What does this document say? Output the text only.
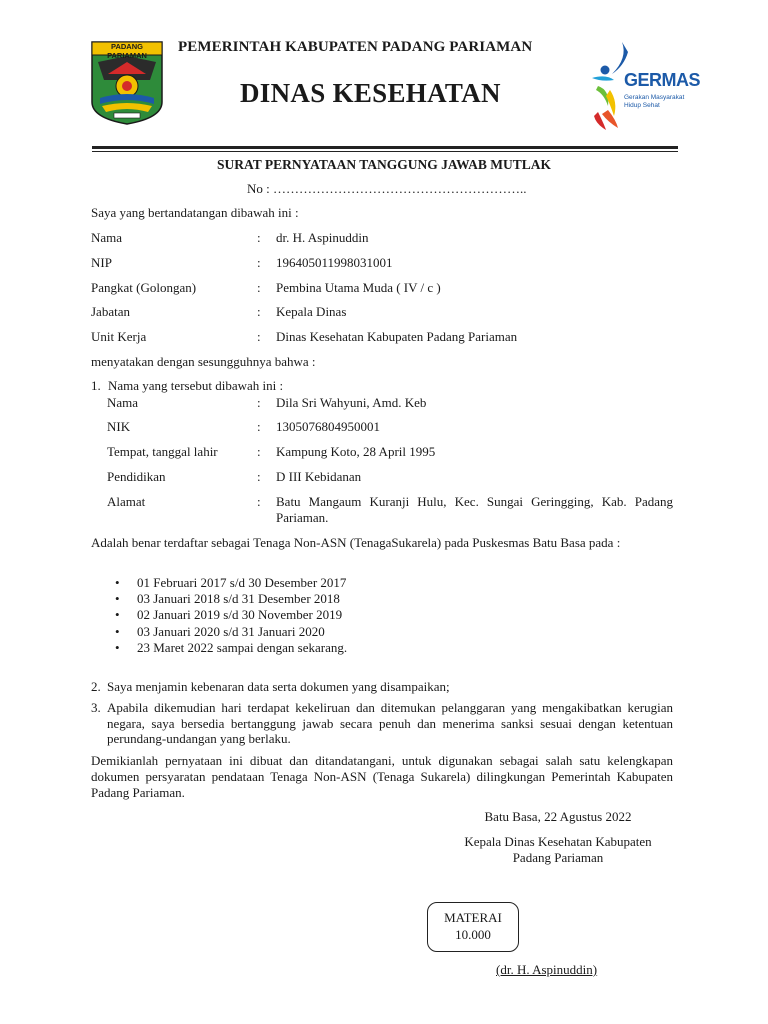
PADANG PARIAMAN
PEMERINTAH KABUPATEN PADANG PARIAMAN
DINAS KESEHATAN	GERMAS
Gerakan Masyarakat
Hidup Sehat
SURAT PERNYATAAN TANGGUNG JAWAB MUTLAK
No : …………………………………………………..
Saya yang bertandatangan dibawah ini :
Nama	: dr. H. Aspinuddin
NIP	: 196405011998031001
Pangkat (Golongan)	: Pembina Utama Muda ( IV / c )
Jabatan	: Kepala Dinas
Unit Kerja	: Dinas Kesehatan Kabupaten Padang Pariaman
menyatakan dengan sesungguhnya bahwa :
1. Nama yang tersebut dibawah ini :
Nama	: Dila Sri Wahyuni, Amd. Keb
NIK	: 1305076804950001
Tempat, tanggal lahir	: Kampung Koto, 28 April 1995
Pendidikan	: D III Kebidanan
Alamat	: Batu Mangaum Kuranji Hulu, Kec. Sungai Geringging, Kab. Padang Pariaman.
Adalah benar terdaftar sebagai Tenaga Non-ASN (TenagaSukarela) pada Puskesmas Batu Basa pada :
• 01 Februari 2017 s/d 30 Desember 2017
• 03 Januari 2018 s/d 31 Desember 2018
• 02 Januari 2019 s/d 30 November 2019
• 03 Januari 2020 s/d 31 Januari 2020
• 23 Maret 2022 sampai dengan sekarang.
2. Saya menjamin kebenaran data serta dokumen yang disampaikan;
3. Apabila dikemudian hari terdapat kekeliruan dan ditemukan pelanggaran yang mengakibatkan kerugian negara, saya bersedia bertanggung jawab secara penuh dan menerima sanksi sesuai dengan ketentuan perundang-undangan yang berlaku.
Demikianlah pernyataan ini dibuat dan ditandatangani, untuk digunakan sebagai salah satu kelengkapan dokumen persyaratan pendataan Tenaga Non-ASN (Tenaga Sukarela) dilingkungan Pemerintah Kabupaten Padang Pariaman.
Batu Basa, 22 Agustus 2022
Kepala Dinas Kesehatan Kabupaten
Padang Pariaman
MATERAI
10.000
(dr. H. Aspinuddin)
